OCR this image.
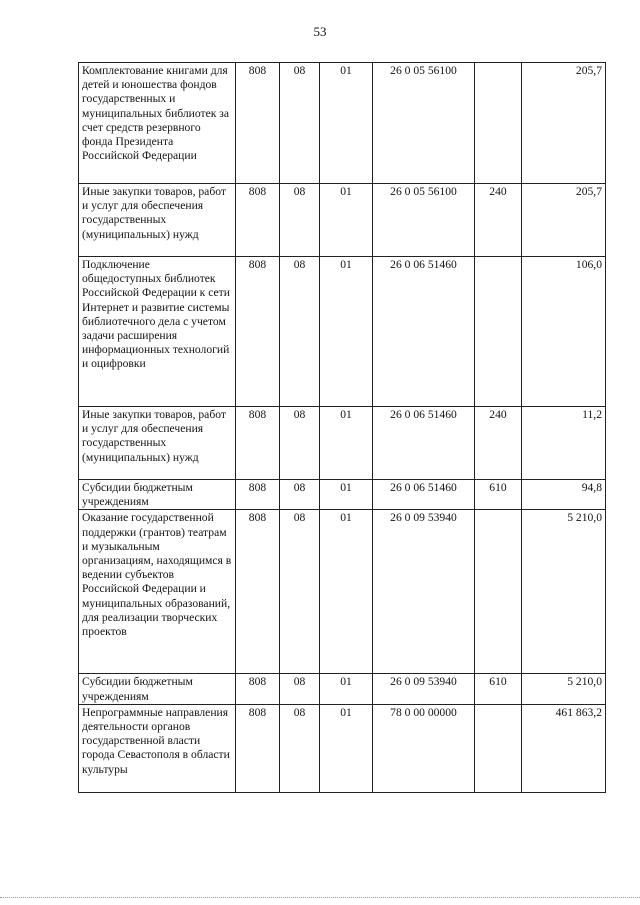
53
Комплектование книгами для детей и юношества фондов государственных и муниципальных библиотек за счет средств резервного фонда Президента Российской Федерации	808	08	01	26 0 05 56100		205,7
Иные закупки товаров, работ и услуг для обеспечения государственных (муниципальных) нужд	808	08	01	26 0 05 56100	240	205,7
Подключение общедоступных библиотек Российской Федерации к сети Интернет и развитие системы библиотечного дела с учетом задачи расширения информационных технологий и оцифровки	808	08	01	26 0 06 51460		106,0
Иные закупки товаров, работ и услуг для обеспечения государственных (муниципальных) нужд	808	08	01	26 0 06 51460	240	11,2
Субсидии бюджетным учреждениям	808	08	01	26 0 06 51460	610	94,8
Оказание государственной поддержки (грантов) театрам и музыкальным организациям, находящимся в ведении субъектов Российской Федерации и муниципальных образований, для реализации творческих проектов	808	08	01	26 0 09 53940		5 210,0
Субсидии бюджетным учреждениям	808	08	01	26 0 09 53940	610	5 210,0
Непрограммные направления деятельности органов государственной власти города Севастополя в области культуры	808	08	01	78 0 00 00000		461 863,2
